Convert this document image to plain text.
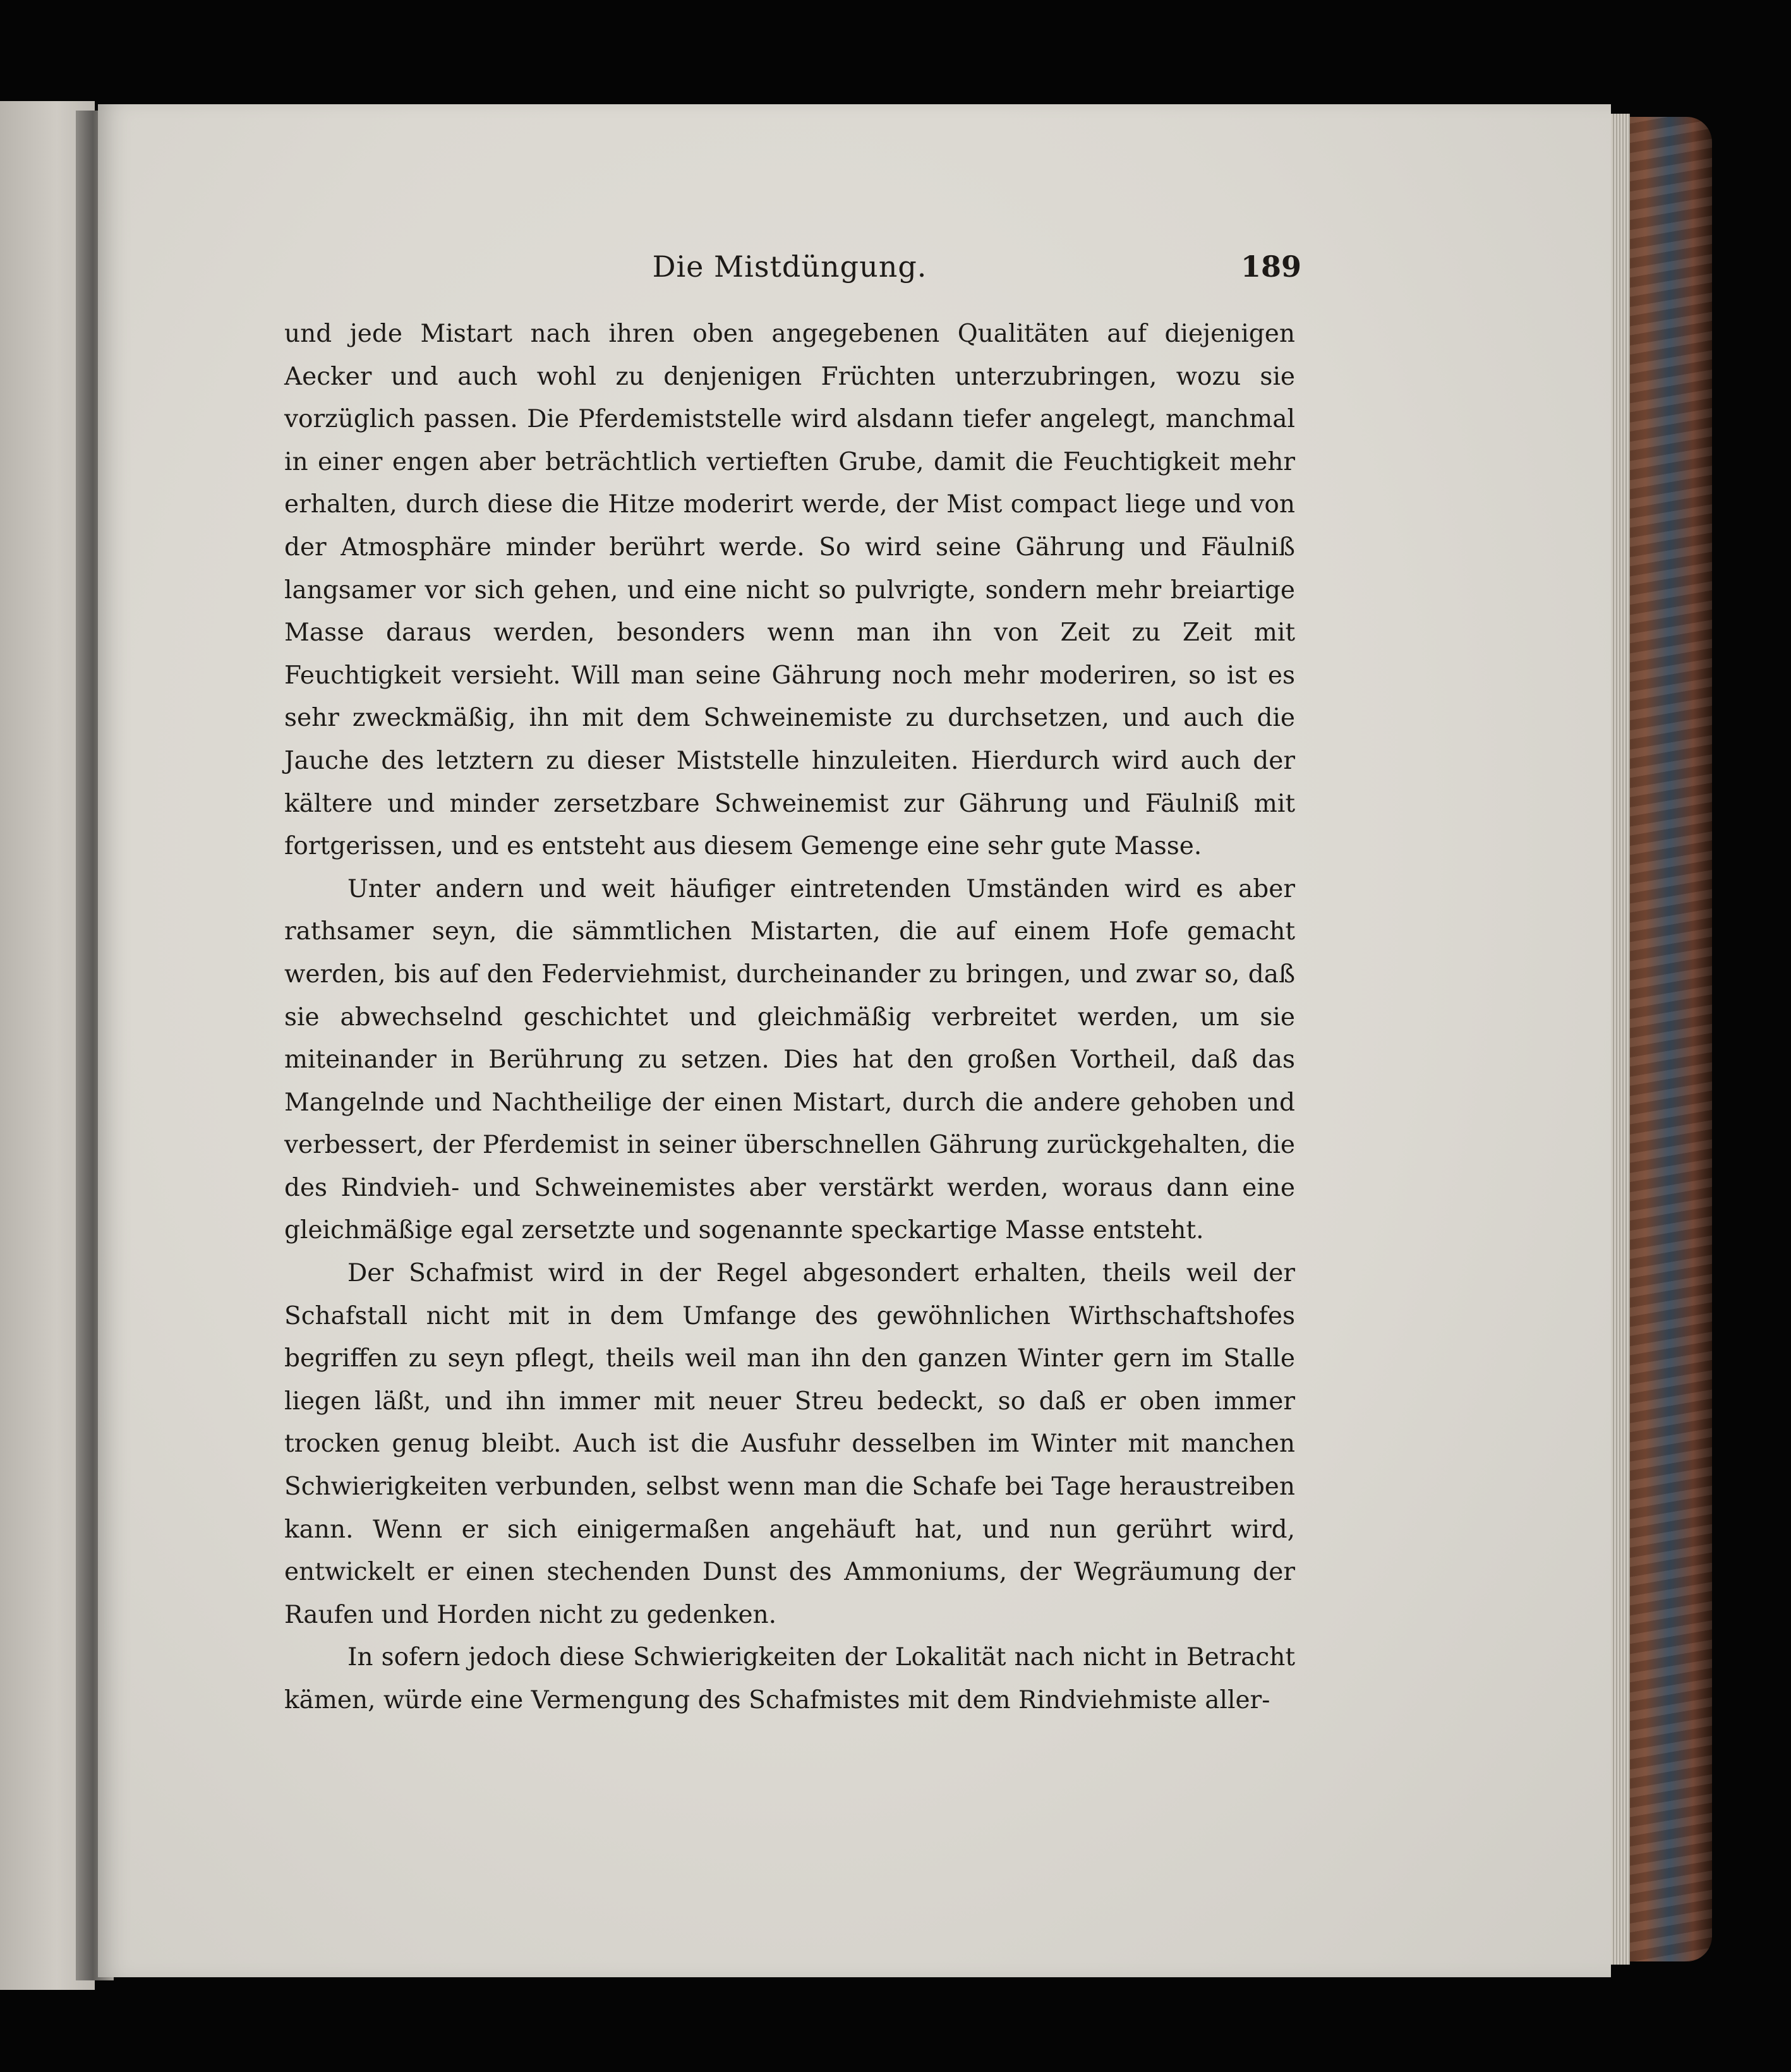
Die Mistdüngung.	189

und jede Mistart nach ihren oben angegebenen Qualitäten auf diejenigen Aecker und auch wohl zu denjenigen Früchten unterzubringen, wozu sie vorzüglich passen. Die Pferdemiststelle wird alsdann tiefer angelegt, manchmal in einer engen aber beträchtlich vertieften Grube, damit die Feuchtigkeit mehr erhalten, durch diese die Hitze moderirt werde, der Mist compact liege und von der Atmosphäre minder berührt werde. So wird seine Gährung und Fäulniß langsamer vor sich gehen, und eine nicht so pulvrigte, sondern mehr breiartige Masse daraus werden, besonders wenn man ihn von Zeit zu Zeit mit Feuchtigkeit versieht. Will man seine Gährung noch mehr moderiren, so ist es sehr zweckmäßig, ihn mit dem Schweinemiste zu durchsetzen, und auch die Jauche des letztern zu dieser Miststelle hinzuleiten. Hierdurch wird auch der kältere und minder zersetzbare Schweinemist zur Gährung und Fäulniß mit fortgerissen, und es entsteht aus diesem Gemenge eine sehr gute Masse.

Unter andern und weit häufiger eintretenden Umständen wird es aber rathsamer seyn, die sämmtlichen Mistarten, die auf einem Hofe gemacht werden, bis auf den Federviehmist, durcheinander zu bringen, und zwar so, daß sie abwechselnd geschichtet und gleichmäßig verbreitet werden, um sie miteinander in Berührung zu setzen. Dies hat den großen Vortheil, daß das Mangelnde und Nachtheilige der einen Mistart, durch die andere gehoben und verbessert, der Pferdemist in seiner überschnellen Gährung zurückgehalten, die des Rindvieh- und Schweinemistes aber verstärkt werden, woraus dann eine gleichmäßige egal zersetzte und sogenannte speckartige Masse entsteht.

Der Schafmist wird in der Regel abgesondert erhalten, theils weil der Schafstall nicht mit in dem Umfange des gewöhnlichen Wirthschaftshofes begriffen zu seyn pflegt, theils weil man ihn den ganzen Winter gern im Stalle liegen läßt, und ihn immer mit neuer Streu bedeckt, so daß er oben immer trocken genug bleibt. Auch ist die Ausfuhr desselben im Winter mit manchen Schwierigkeiten verbunden, selbst wenn man die Schafe bei Tage heraustreiben kann. Wenn er sich einigermaßen angehäuft hat, und nun gerührt wird, entwickelt er einen stechenden Dunst des Ammoniums, der Wegräumung der Raufen und Horden nicht zu gedenken.

In sofern jedoch diese Schwierigkeiten der Lokalität nach nicht in Betracht kämen, würde eine Vermengung des Schafmistes mit dem Rindviehmiste aller-
